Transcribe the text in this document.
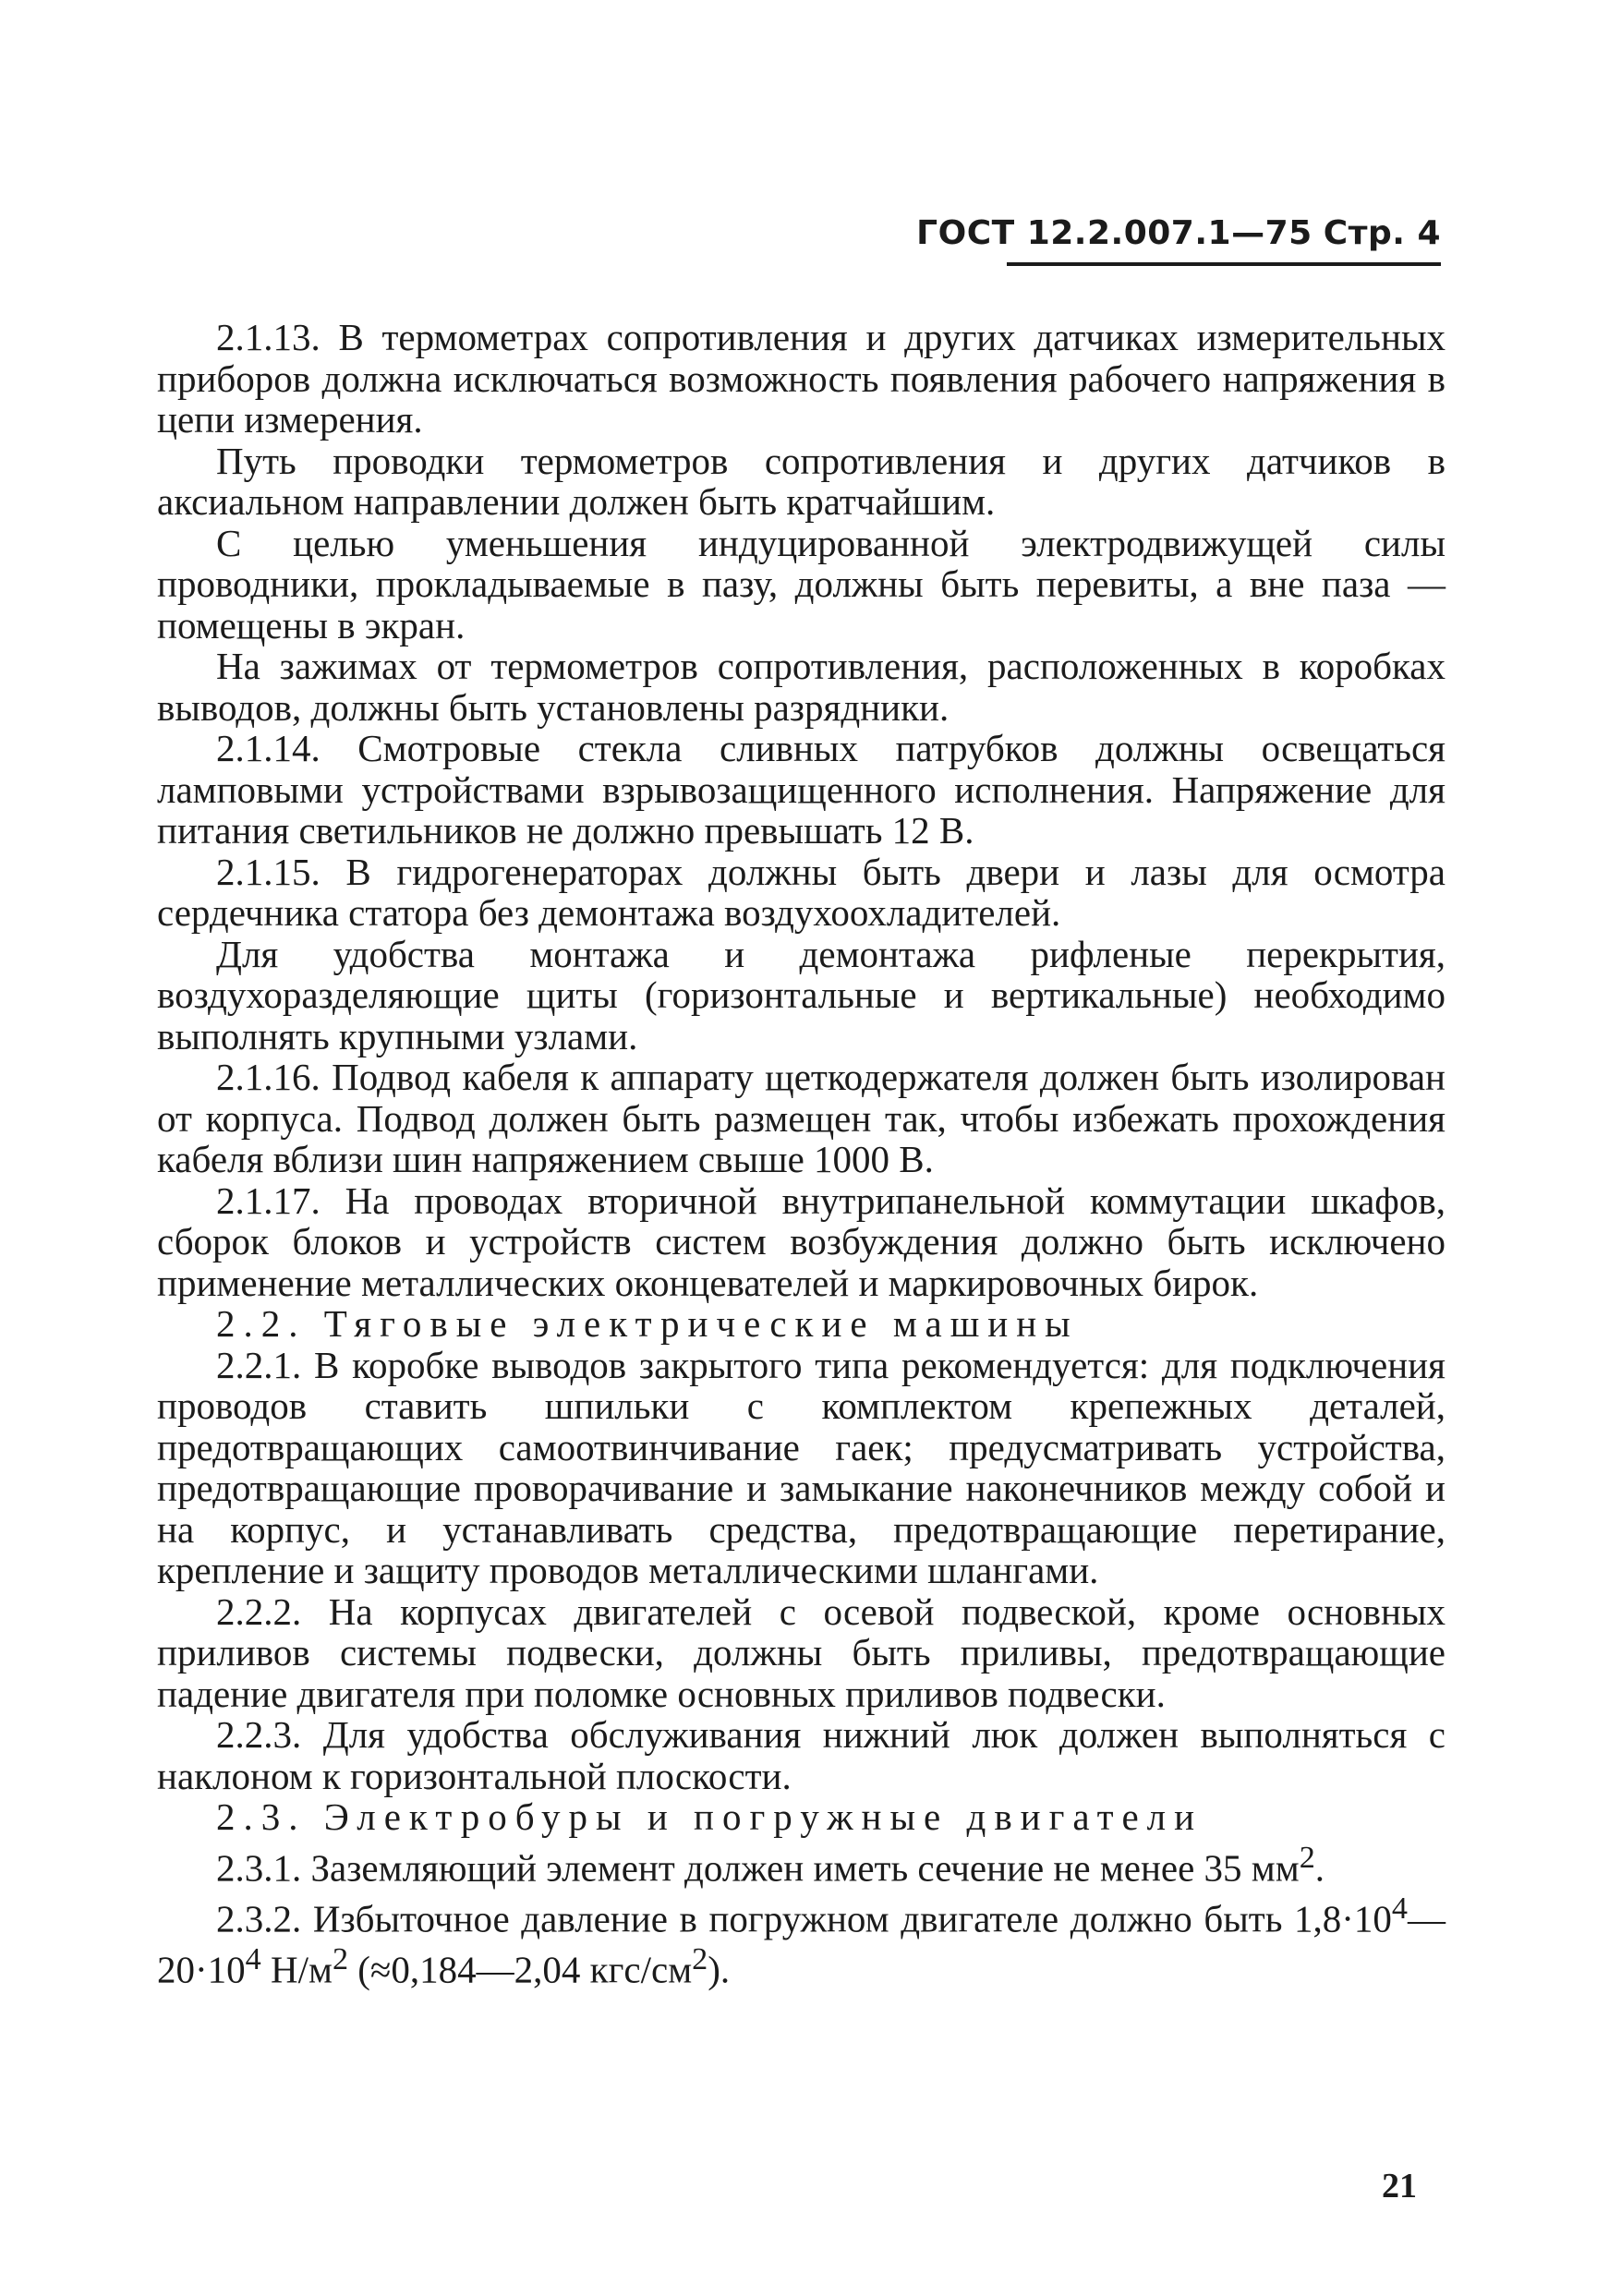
ГОСТ 12.2.007.1—75 Стр. 4

2.1.13. В термометрах сопротивления и других датчиках измерительных приборов должна исключаться возможность появления рабочего напряжения в цепи измерения.

Путь проводки термометров сопротивления и других датчиков в аксиальном направлении должен быть кратчайшим.

С целью уменьшения индуцированной электродвижущей силы проводники, прокладываемые в пазу, должны быть перевиты, а вне паза — помещены в экран.

На зажимах от термометров сопротивления, расположенных в коробках выводов, должны быть установлены разрядники.

2.1.14. Смотровые стекла сливных патрубков должны освещаться ламповыми устройствами взрывозащищенного исполнения. Напряжение для питания светильников не должно превышать 12 В.

2.1.15. В гидрогенераторах должны быть двери и лазы для осмотра сердечника статора без демонтажа воздухоохладителей.

Для удобства монтажа и демонтажа рифленые перекрытия, воздухоразделяющие щиты (горизонтальные и вертикальные) необходимо выполнять крупными узлами.

2.1.16. Подвод кабеля к аппарату щеткодержателя должен быть изолирован от корпуса. Подвод должен быть размещен так, чтобы избежать прохождения кабеля вблизи шин напряжением свыше 1000 В.

2.1.17. На проводах вторичной внутрипанельной коммутации шкафов, сборок блоков и устройств систем возбуждения должно быть исключено применение металлических оконцевателей и маркировочных бирок.

2.2. Тяговые электрические машины

2.2.1. В коробке выводов закрытого типа рекомендуется: для подключения проводов ставить шпильки с комплектом крепежных деталей, предотвращающих самоотвинчивание гаек; предусматривать устройства, предотвращающие проворачивание и замыкание наконечников между собой и на корпус, и устанавливать средства, предотвращающие перетирание, крепление и защиту проводов металлическими шлангами.

2.2.2. На корпусах двигателей с осевой подвеской, кроме основных приливов системы подвески, должны быть приливы, предотвращающие падение двигателя при поломке основных приливов подвески.

2.2.3. Для удобства обслуживания нижний люк должен выполняться с наклоном к горизонтальной плоскости.

2.3. Электробуры и погружные двигатели

2.3.1. Заземляющий элемент должен иметь сечение не менее 35 $мм^2$.

2.3.2. Избыточное давление в погружном двигателе должно быть $1,8\cdot 10^4—20\cdot 10^4$ $Н/м^2$ (≈0,184—2,04 кгс/$см^2$).

21
